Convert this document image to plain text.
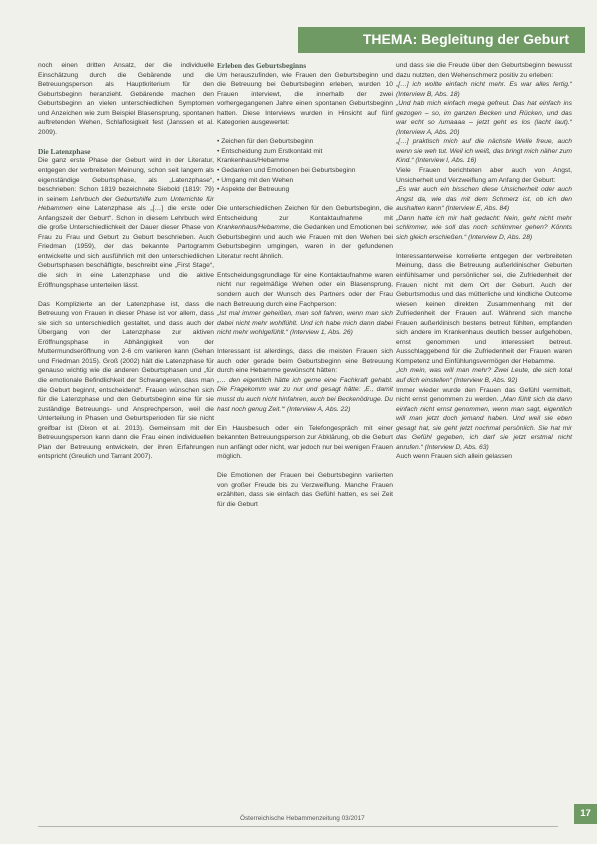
THEMA: Begleitung der Geburt

noch einen dritten Ansatz, der die individuelle Einschätzung durch die Gebärende und die Betreuungsperson als Hauptkriterium für den Geburtsbeginn heranzieht. Gebärende machen den Geburtsbeginn an vielen unterschiedlichen Symptomen und Anzeichen wie zum Beispiel Blasensprung, spontanen auftretenden Wehen, Schlaflosigkeit fest (Janssen et al. 2009).

Die Latenzphase

Die ganz erste Phase der Geburt wird in der Literatur, entgegen der verbreiteten Meinung, schon seit langem als eigenständige Geburtsphase, als „Latenzphase“, beschrieben: Schon 1819 bezeichnete Siebold (1819: 79) in seinem Lehrbuch der Geburtshilfe zum Unterrichte für Hebammen eine Latenzphase als „[…] die erste oder Anfangszeit der Geburt“. Schon in diesem Lehrbuch wird die große Unterschiedlichkeit der Dauer dieser Phase von Frau zu Frau und Geburt zu Geburt beschrieben. Auch Friedman (1959), der das bekannte Partogramm entwickelte und sich ausführlich mit den unterschiedlichen Geburtsphasen beschäftigte, beschreibt eine „First Stage“, die sich in eine Latenzphase und die aktive Eröffnungsphase unterteilen lässt.

Das Komplizierte an der Latenzphase ist, dass die Betreuung von Frauen in dieser Phase ist vor allem, dass sie sich so unterschiedlich gestaltet, und dass auch der Übergang von der Latenzphase zur aktiven Eröffnungsphase in Abhängigkeit von der Muttermundseröffnung von 2-6 cm variieren kann (Gehan und Friedman 2015). Groß (2002) hält die Latenzphase für genauso wichtig wie die anderen Geburtsphasen und „für die emotionale Befindlichkeit der Schwangeren, dass man die Geburt beginnt, entscheidend“. Frauen wünschen sich für die Latenzphase und den Geburtsbeginn eine für sie zuständige Betreuungs- und Ansprechperson, weil die Unterteilung in Phasen und Geburtsperioden für sie nicht greifbar ist (Dixon et al. 2013). Gemeinsam mit der Betreuungsperson kann dann die Frau einen individuellen Plan der Betreuung entwickeln, der ihren Erfahrungen entspricht (Greulich und Tarrant 2007).

Erleben des Geburtsbeginns

Um herauszufinden, wie Frauen den Geburtsbeginn und die Betreuung bei Geburtsbeginn erleben, wurden 10 Frauen interviewt, die innerhalb der zwei vorhergegangenen Jahre einen spontanen Geburtsbeginn hatten. Diese Interviews wurden in Hinsicht auf fünf Kategorien ausgewertet:

• Zeichen für den Geburtsbeginn
• Entscheidung zum Erstkontakt mit Krankenhaus/Hebamme
• Gedanken und Emotionen bei Geburtsbeginn
• Umgang mit den Wehen
• Aspekte der Betreuung

Die unterschiedlichen Zeichen für den Geburtsbeginn, die Entscheidung zur Kontaktaufnahme mit Krankenhaus/Hebamme, die Gedanken und Emotionen bei Geburtsbeginn und auch wie Frauen mit den Wehen bei Geburtsbeginn umgingen, waren in der gefundenen Literatur recht ähnlich.

Entscheidungsgrundlage für eine Kontaktaufnahme waren nicht nur regelmäßige Wehen oder ein Blasensprung, sondern auch der Wunsch des Partners oder der Frau nach Betreuung durch eine Fachperson:

„Ist mal immer geheißen, man soll fahren, wenn man sich dabei nicht mehr wohlfühlt. Und ich habe mich dann dabei nicht mehr wohlgefühlt.“ (Interview 1, Abs. 26)

Interessant ist allerdings, dass die meisten Frauen sich auch oder gerade beim Geburtsbeginn eine Betreuung durch eine Hebamme gewünscht hätten:

„… den eigentlich hätte ich gerne eine Fachkraft gehabt. Die Fragekomm war zu nur und gesagt hätte: ‚E., damit musst du auch nicht hinfahren, auch bei Beckenödruge. Du hast noch genug Zeit.‘“ (Interview A, Abs. 22)

Ein Hausbesuch oder ein Telefongespräch mit einer bekannten Betreuungsperson zur Abklärung, ob die Geburt nun anfängt oder nicht, war jedoch nur bei wenigen Frauen möglich.

Die Emotionen der Frauen bei Geburtsbeginn variierten von großer Freude bis zu Verzweiflung. Manche Frauen erzählten, dass sie einfach das Gefühl hatten, es sei Zeit für die Geburt

und dass sie die Freude über den Geburtsbeginn bewusst dazu nutzten, den Wehenschmerz positiv zu erleben:

„[…] ich wollte einfach nicht mehr. Es war alles fertig.“ (Interview B, Abs. 18)

„Und hab mich einfach mega gefreut. Das hat einfach ins gezogen – so, im ganzen Becken und Rücken, und das war echt so /umaaaa – jetzt geht es los (lacht laut).“ (Interview A, Abs. 20)

„[…] praktisch mich auf die nächste Welle freue, auch wenn sie weh tut. Weil ich weiß, das bringt mich näher zum Kind.“ (Interview I, Abs. 16)

Viele Frauen berichteten aber auch von Angst, Unsicherheit und Verzweiflung am Anfang der Geburt:

„Es war auch ein bisschen diese Unsicherheit oder auch Angst da, wie das mit dem Schmerz ist, ob ich den aushalten kann“ (Interview E, Abs. 84)

„Dann hatte ich mir halt gedacht: Nein, geht nicht mehr schlimmer, wie soll das noch schlimmer gehen? Könnts sich gleich erschießen.“ (Interview D, Abs. 28)

Interessanterweise korrelierte entgegen der verbreiteten Meinung, dass die Betreuung außerklinischer Geburten einfühlsamer und persönlicher sei, die Zufriedenheit der Frauen nicht mit dem Ort der Geburt. Auch der Geburtsmodus und das mütterliche und kindliche Outcome wiesen keinen direkten Zusammenhang mit der Zufriedenheit der Frauen auf. Während sich manche Frauen außerklinisch bestens betreut fühlten, empfanden sich andere im Krankenhaus deutlich besser aufgehoben, ernst genommen und interessiert betreut. Ausschlaggebend für die Zufriedenheit der Frauen waren Kompetenz und Einfühlungsvermögen der Hebamme.

„Ich mein, was will man mehr? Zwei Leute, die sich total auf dich einstellen“ (Interview B, Abs. 92)

Immer wieder wurde den Frauen das Gefühl vermittelt, nicht ernst genommen zu werden. „Man fühlt sich da dann einfach nicht ernst genommen, wenn man sagt, eigentlich will man jetzt doch jemand haben. Und weil sie eben gesagt hat, sie geht jetzt nochmal persönlich. Sie hat mir das Gefühl gegeben, ich darf sie jetzt erstmal nicht anrufen.“ (Interview D, Abs. 63)

Auch wenn Frauen sich allein gelassen

Österreichische Hebammenzeitung 03/2017	17
